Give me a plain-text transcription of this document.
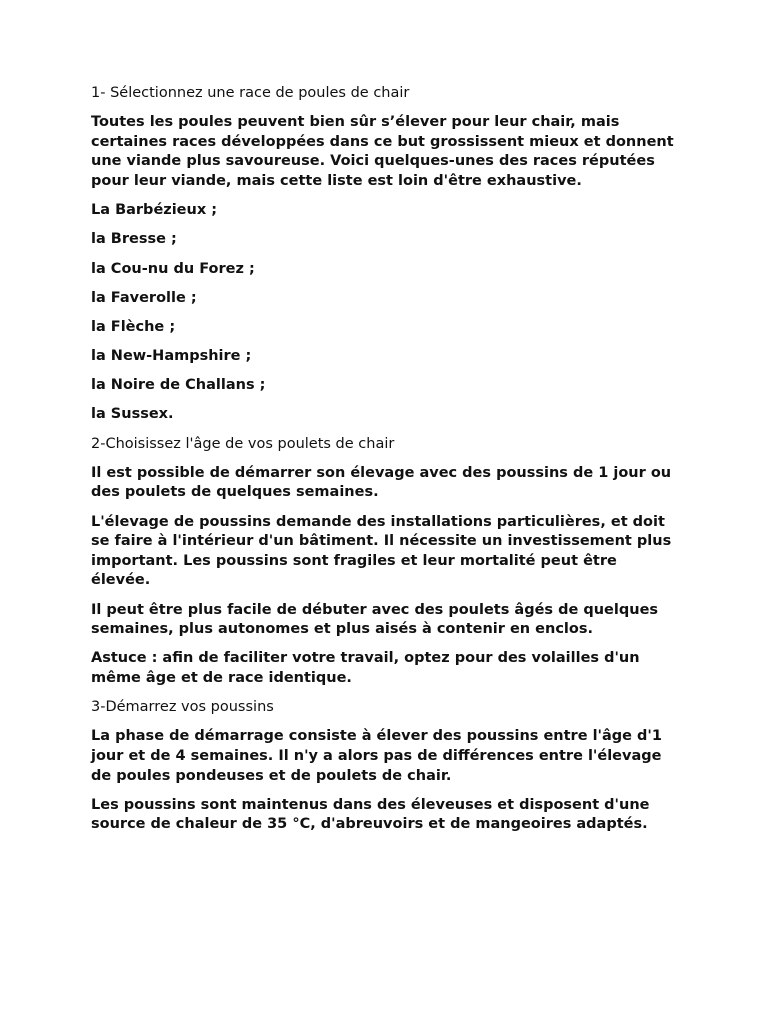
1- Sélectionnez une race de poules de chair

Toutes les poules peuvent bien sûr s’élever pour leur chair, mais certaines races développées dans ce but grossissent mieux et donnent une viande plus savoureuse. Voici quelques-unes des races réputées pour leur viande, mais cette liste est loin d'être exhaustive.

La Barbézieux ;

la Bresse ;

la Cou-nu du Forez ;

la Faverolle ;

la Flèche ;

la New-Hampshire ;

la Noire de Challans ;

la Sussex.

2-Choisissez l'âge de vos poulets de chair

Il est possible de démarrer son élevage avec des poussins de 1 jour ou des poulets de quelques semaines.

L'élevage de poussins demande des installations particulières, et doit se faire à l'intérieur d'un bâtiment. Il nécessite un investissement plus important. Les poussins sont fragiles et leur mortalité peut être élevée.

Il peut être plus facile de débuter avec des poulets âgés de quelques semaines, plus autonomes et plus aisés à contenir en enclos.

Astuce : afin de faciliter votre travail, optez pour des volailles d'un même âge et de race identique.

3-Démarrez vos poussins

La phase de démarrage consiste à élever des poussins entre l'âge d'1 jour et de 4 semaines. Il n'y a alors pas de différences entre l'élevage de poules pondeuses et de poulets de chair.

Les poussins sont maintenus dans des éleveuses et disposent d'une source de chaleur de 35 °C, d'abreuvoirs et de mangeoires adaptés.
